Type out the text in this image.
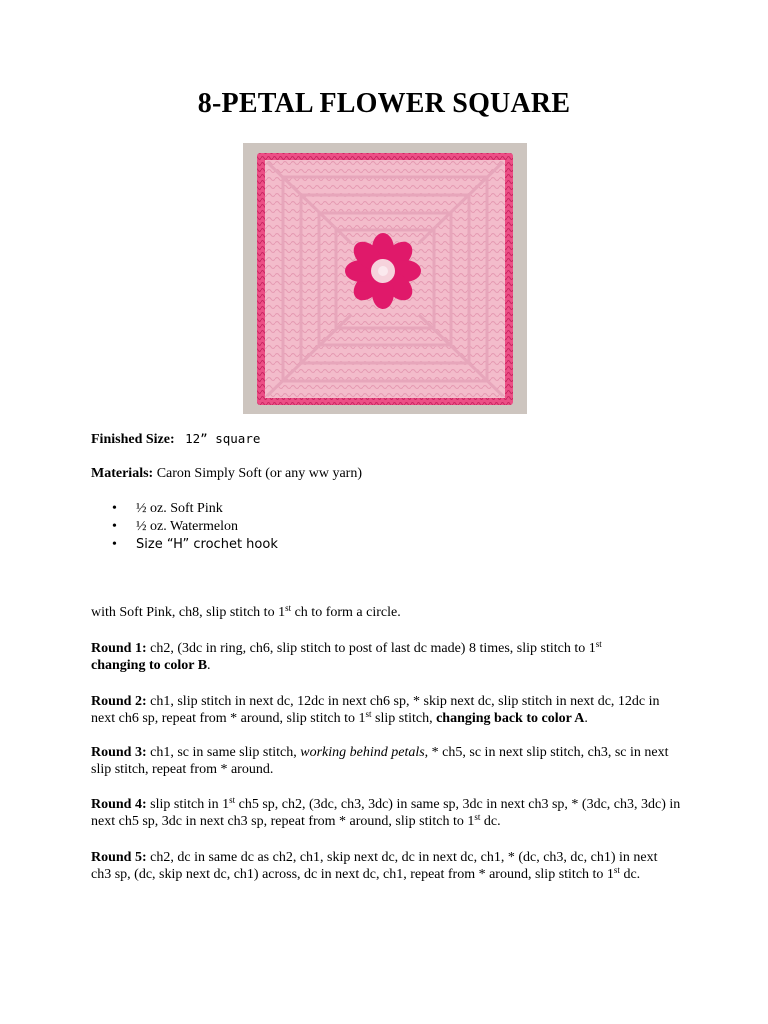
8-PETAL FLOWER SQUARE

Finished Size: 12” square

Materials: Caron Simply Soft (or any ww yarn)

•	½ oz. Soft Pink
•	½ oz. Watermelon
•	Size “H” crochet hook

with Soft Pink, ch8, slip stitch to 1st ch to form a circle.

Round 1: ch2, (3dc in ring, ch6, slip stitch to post of last dc made) 8 times, slip stitch to 1st
changing to color B.

Round 2: ch1, slip stitch in next dc, 12dc in next ch6 sp, * skip next dc, slip stitch in next dc, 12dc in next ch6 sp, repeat from * around, slip stitch to 1st slip stitch, changing back to color A.

Round 3: ch1, sc in same slip stitch, working behind petals, * ch5, sc in next slip stitch, ch3, sc in next slip stitch, repeat from * around.

Round 4: slip stitch in 1st ch5 sp, ch2, (3dc, ch3, 3dc) in same sp, 3dc in next ch3 sp, * (3dc, ch3, 3dc) in next ch5 sp, 3dc in next ch3 sp, repeat from * around, slip stitch to 1st dc.

Round 5: ch2, dc in same dc as ch2, ch1, skip next dc, dc in next dc, ch1, * (dc, ch3, dc, ch1) in next ch3 sp, (dc, skip next dc, ch1) across, dc in next dc, ch1, repeat from * around, slip stitch to 1st dc.
